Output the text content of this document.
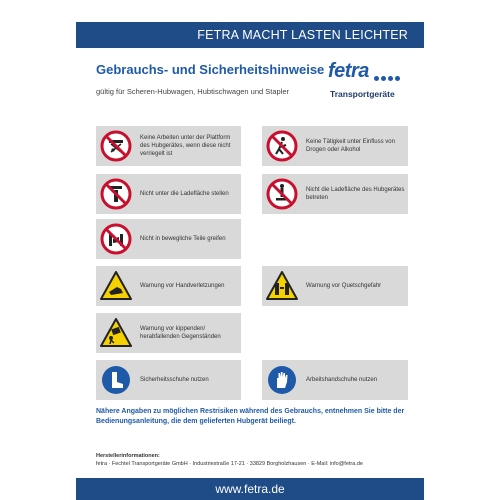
FETRA MACHT LASTEN LEICHTER
Gebrauchs- und Sicherheitshinweise
gültig für Scheren-Hubwagen, Hubtischwagen und Stapler
fetra
Transportgeräte
Keine Arbeiten unter der Plattform des Hubgerätes, wenn diese nicht verriegelt ist
Keine Tätigkeit unter Einfluss von Drogen oder Alkohol
Nicht unter die Ladefläche stellen
Nicht die Ladefläche des Hubgerätes betreten
Nicht in bewegliche Teile greifen
Warnung vor Handverletzungen	Warnung vor Quetschgefahr
Warnung vor kippenden/ herabfallenden Gegenständen
Sicherheitsschuhe nutzen	Arbeitshandschuhe nutzen
Nähere Angaben zu möglichen Restrisiken während des Gebrauchs, entnehmen Sie bitte der Bedienungsanleitung, die dem gelieferten Hubgerät beiliegt.
Herstellerinformationen:
fetra · Fechtel Transportgeräte GmbH · Industriestraße 17-21 · 33829 Borgholzhausen · E-Mail: info@fetra.de
www.fetra.de
